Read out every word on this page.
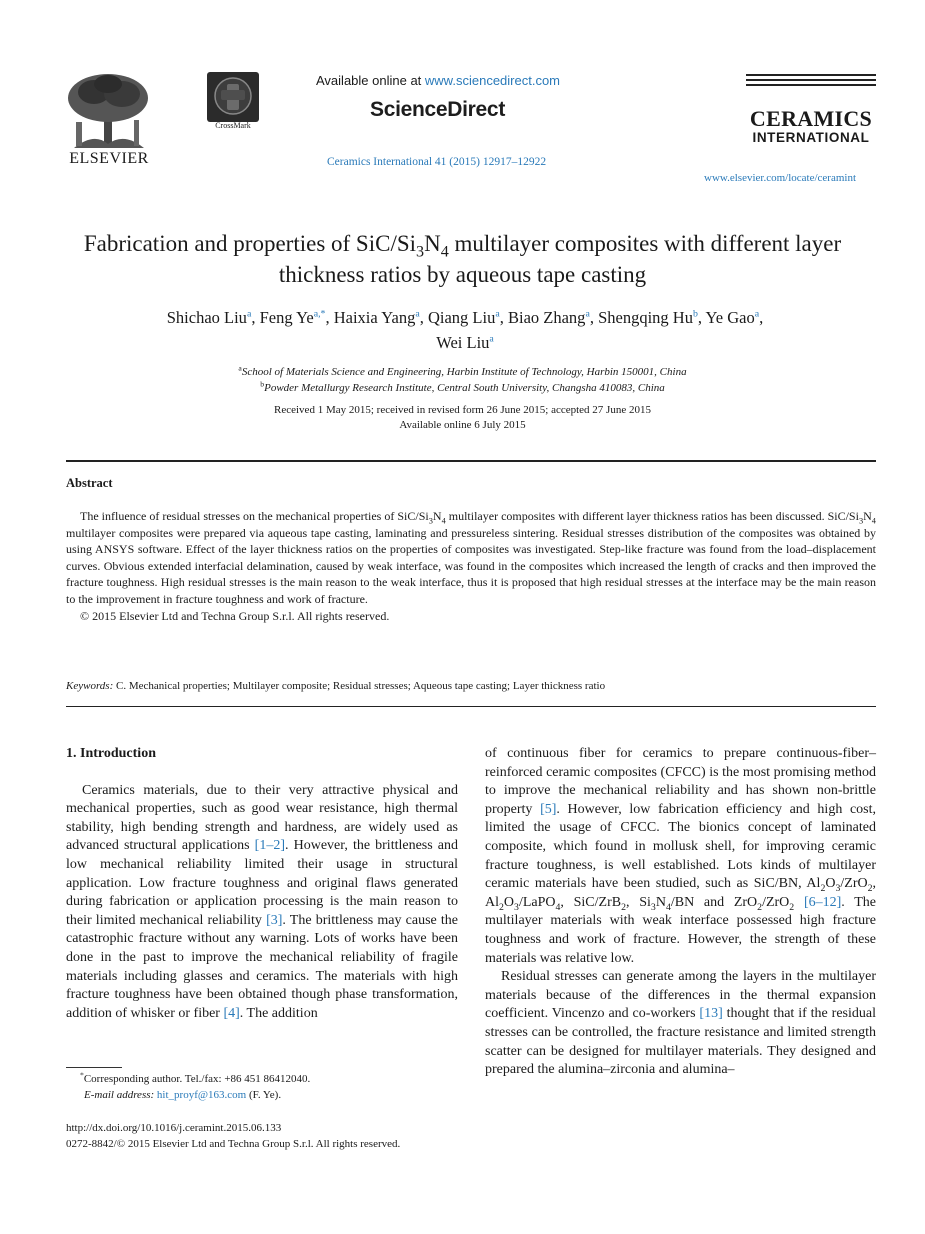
ELSEVIER
CrossMark
Available online at www.sciencedirect.com
ScienceDirect
Ceramics International 41 (2015) 12917–12922
CERAMICS
INTERNATIONAL
www.elsevier.com/locate/ceramint
Fabrication and properties of SiC/$Si_3N_4$ multilayer composites with different layer thickness ratios by aqueous tape casting
Shichao Liu$^a$, Feng $Ye^{a,*}$, Haixia Yang$^a$, Qiang Liu$^a$, Biao Zhang$^a$, Shengqing Hu$^b$, Ye Gao$^a$,
Wei Liu$^a$
$^a$School of Materials Science and Engineering, Harbin Institute of Technology, Harbin 150001, China
$^b$Powder Metallurgy Research Institute, Central South University, Changsha 410083, China
Received 1 May 2015; received in revised form 26 June 2015; accepted 27 June 2015
Available online 6 July 2015
Abstract

The influence of residual stresses on the mechanical properties of SiC/$Si_3N_4$ multilayer composites with different layer thickness ratios has been discussed. SiC/$Si_3N_4$ multilayer composites were prepared via aqueous tape casting, laminating and pressureless sintering. Residual stresses distribution of the composites was obtained by using ANSYS software. Effect of the layer thickness ratios on the properties of composites was investigated. Step-like fracture was found from the load–displacement curves. Obvious extended interfacial delamination, caused by weak interface, was found in the composites which increased the length of cracks and then improved the fracture toughness. High residual stresses is the main reason to the weak interface, thus it is proposed that high residual stresses at the interface may be the main reason to the improvement in fracture toughness and work of fracture.

© 2015 Elsevier Ltd and Techna Group S.r.l. All rights reserved.

Keywords: C. Mechanical properties; Multilayer composite; Residual stresses; Aqueous tape casting; Layer thickness ratio

1. Introduction

Ceramics materials, due to their very attractive physical and mechanical properties, such as good wear resistance, high thermal stability, high bending strength and hardness, are widely used as advanced structural applications [1–2]. However, the brittleness and low mechanical reliability limited their usage in structural application. Low fracture toughness and original flaws generated during fabrication or application processing is the main reason to their limited mechanical reliability [3]. The brittleness may cause the catastrophic fracture without any warning. Lots of works have been done in the past to improve the mechanical reliability of fragile materials including glasses and ceramics. The materials with high fracture toughness have been obtained though phase transformation, addition of whisker or fiber [4]. The addition

of continuous fiber for ceramics to prepare continuous-fiber–reinforced ceramic composites (CFCC) is the most promising method to improve the mechanical reliability and has shown non-brittle property [5]. However, low fabrication efficiency and high cost, limited the usage of CFCC. The bionics concept of laminated composite, which found in mollusk shell, for improving ceramic fracture toughness, is well established. Lots kinds of multilayer ceramic materials have been studied, such as SiC/BN, $Al_2O_3/ZrO_2$, $Al_2O_3/LaPO_4$, SiC/ZrB$_2$, $Si_3N_4/BN$ and ZrO$_2$/ZrO$_2$ [6–12]. The multilayer materials with weak interface possessed high fracture toughness and work of fracture. However, the strength of these materials was relative low.

Residual stresses can generate among the layers in the multilayer materials because of the differences in the thermal expansion coefficient. Vincenzo and co-workers [13] thought that if the residual stresses can be controlled, the fracture resistance and limited strength scatter can be designed for multilayer materials. They designed and prepared the alumina–zirconia and alumina–

*Corresponding author. Tel./fax: +86 451 86412040.
E-mail address: hit_proyf@163.com (F. Ye).
http://dx.doi.org/10.1016/j.ceramint.2015.06.133
0272-8842/© 2015 Elsevier Ltd and Techna Group S.r.l. All rights reserved.
